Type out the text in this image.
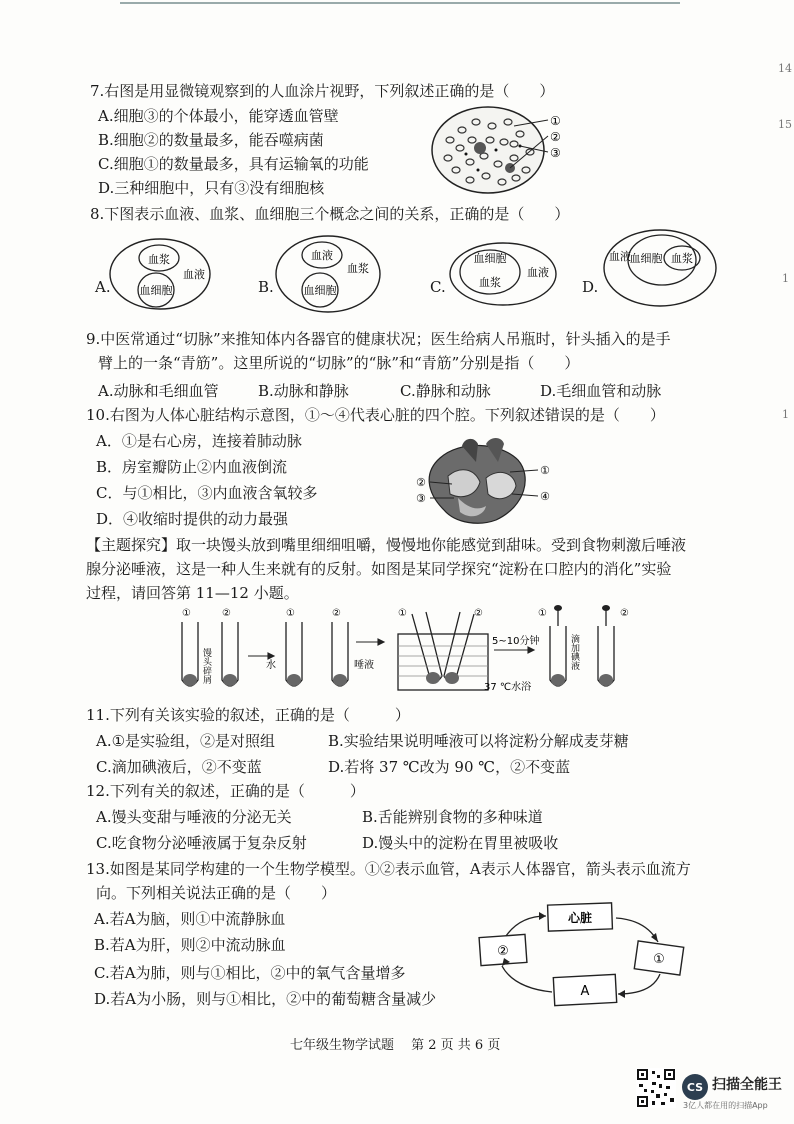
14
15
1
1
7.右图是用显微镜观察到的人血涂片视野，下列叙述正确的是（　　）
A.细胞③的个体最小，能穿透血管壁
B.细胞②的数量最多，能吞噬病菌
C.细胞①的数量最多，具有运输氧的功能
D.三种细胞中，只有③没有细胞核
①
②
③
8.下图表示血液、血浆、血细胞三个概念之间的关系，正确的是（　　）
A.	B.	C.	D.
血浆
血液
血细胞
血液
血浆
血细胞
血细胞
血浆
血液
血液
血细胞 血浆
9.中医常通过“切脉”来推知体内各器官的健康状况；医生给病人吊瓶时，针头插入的是手
臂上的一条“青筋”。这里所说的“切脉”的“脉”和“青筋”分别是指（　　）
A.动脉和毛细血管	B.动脉和静脉	C.静脉和动脉	D.毛细血管和动脉
10.右图为人体心脏结构示意图，①～④代表心脏的四个腔。下列叙述错误的是（　　）
A．①是右心房，连接着肺动脉
B．房室瓣防止②内血液倒流
C．与①相比，③内血液含氧较多
D．④收缩时提供的动力最强
①
②
③	④
【主题探究】取一块馒头放到嘴里细细咀嚼，慢慢地你能感觉到甜味。受到食物刺激后唾液
腺分泌唾液，这是一种人生来就有的反射。如图是某同学探究“淀粉在口腔内的消化”实验
过程，请回答第 11—12 小题。
①	②	①	②	①	②	①	②
馒头碎屑	水	唾液
5~10分钟
37 ℃水浴
滴加碘液
11.下列有关该实验的叙述，正确的是（　　　）
A.①是实验组，②是对照组	B.实验结果说明唾液可以将淀粉分解成麦芽糖
C.滴加碘液后，②不变蓝	D.若将 37 ℃改为 90 ℃，②不变蓝
12.下列有关的叙述，正确的是（　　　）
A.馒头变甜与唾液的分泌无关	B.舌能辨别食物的多种味道
C.吃食物分泌唾液属于复杂反射	D.馒头中的淀粉在胃里被吸收
13.如图是某同学构建的一个生物学模型。①②表示血管，A表示人体器官，箭头表示血流方
向。下列相关说法正确的是（　　）
A.若A为脑，则①中流静脉血
B.若A为肝，则②中流动脉血
C.若A为肺，则与①相比，②中的氧气含量增多
D.若A为小肠，则与①相比，②中的葡萄糖含量减少
心脏
②
①
A
七年级生物学试题　 第 2 页 共 6 页
CS 扫描全能王
3亿人都在用的扫描App
